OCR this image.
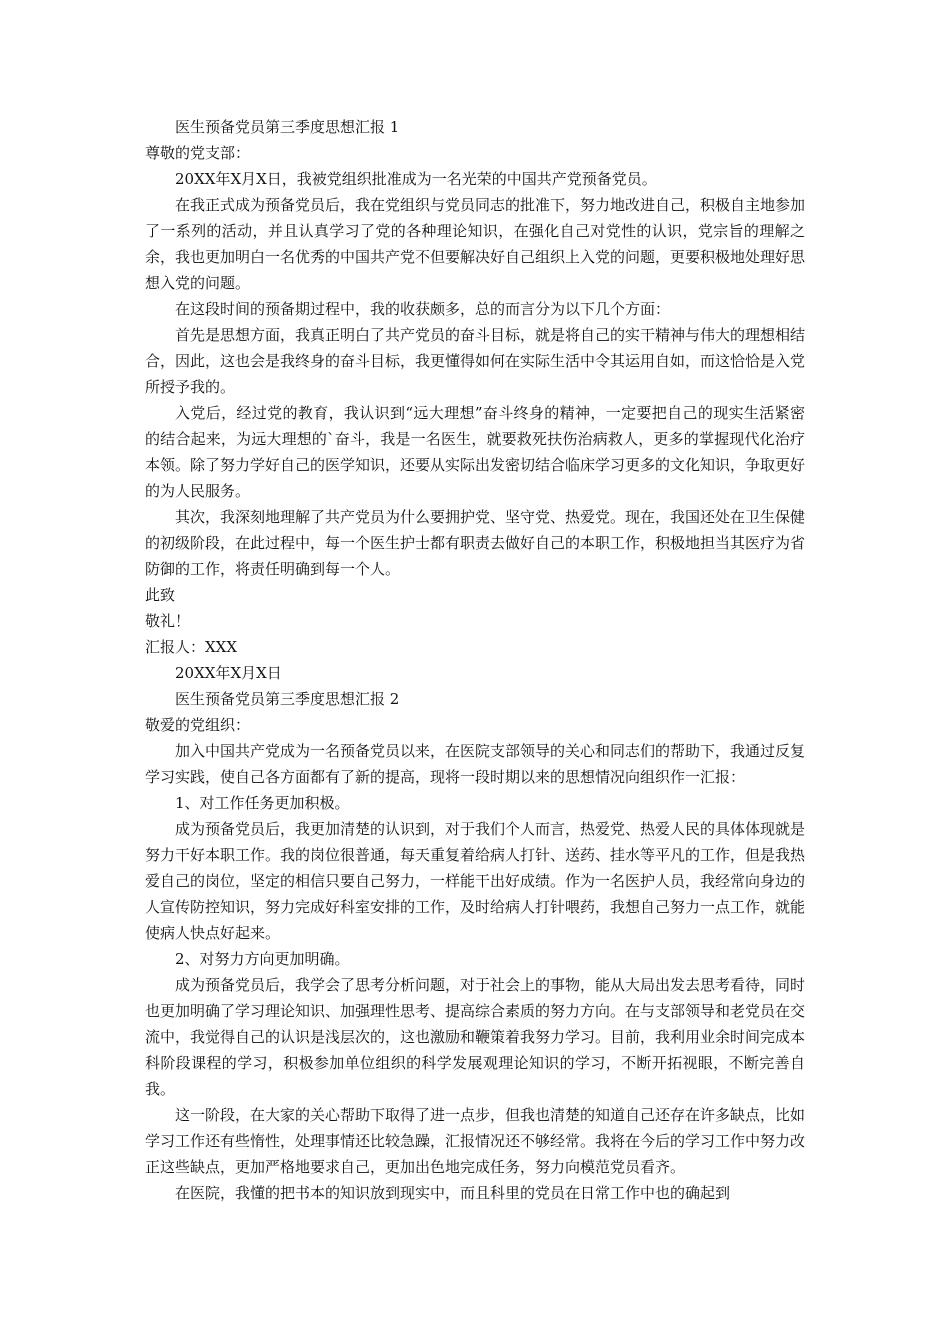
医生预备党员第三季度思想汇报 1

尊敬的党支部：

20XX年X月X日，我被党组织批准成为一名光荣的中国共产党预备党员。

在我正式成为预备党员后，我在党组织与党员同志的批准下，努力地改进自己，积极自主地参加了一系列的活动，并且认真学习了党的各种理论知识，在强化自己对党性的认识，党宗旨的理解之余，我也更加明白一名优秀的中国共产党不但要解决好自己组织上入党的问题，更要积极地处理好思想入党的问题。

在这段时间的预备期过程中，我的收获颇多，总的而言分为以下几个方面：

首先是思想方面，我真正明白了共产党员的奋斗目标，就是将自己的实干精神与伟大的理想相结合，因此，这也会是我终身的奋斗目标，我更懂得如何在实际生活中令其运用自如，而这恰恰是入党所授予我的。

入党后，经过党的教育，我认识到“远大理想”奋斗终身的精神，一定要把自己的现实生活紧密的结合起来，为远大理想的`奋斗，我是一名医生，就要救死扶伤治病救人，更多的掌握现代化治疗本领。除了努力学好自己的医学知识，还要从实际出发密切结合临床学习更多的文化知识，争取更好的为人民服务。

其次，我深刻地理解了共产党员为什么要拥护党、坚守党、热爱党。现在，我国还处在卫生保健的初级阶段，在此过程中，每一个医生护士都有职责去做好自己的本职工作，积极地担当其医疗为省防御的工作，将责任明确到每一个人。

此致

敬礼！

汇报人：XXX

20XX年X月X日

医生预备党员第三季度思想汇报 2

敬爱的党组织：

加入中国共产党成为一名预备党员以来，在医院支部领导的关心和同志们的帮助下，我通过反复学习实践，使自己各方面都有了新的提高，现将一段时期以来的思想情况向组织作一汇报：

1、对工作任务更加积极。

成为预备党员后，我更加清楚的认识到，对于我们个人而言，热爱党、热爱人民的具体体现就是努力干好本职工作。我的岗位很普通，每天重复着给病人打针、送药、挂水等平凡的工作，但是我热爱自己的岗位，坚定的相信只要自己努力，一样能干出好成绩。作为一名医护人员，我经常向身边的人宣传防控知识，努力完成好科室安排的工作，及时给病人打针喂药，我想自己努力一点工作，就能使病人快点好起来。

2、对努力方向更加明确。

成为预备党员后，我学会了思考分析问题，对于社会上的事物，能从大局出发去思考看待，同时也更加明确了学习理论知识、加强理性思考、提高综合素质的努力方向。在与支部领导和老党员在交流中，我觉得自己的认识是浅层次的，这也激励和鞭策着我努力学习。目前，我利用业余时间完成本科阶段课程的学习，积极参加单位组织的科学发展观理论知识的学习，不断开拓视眼，不断完善自我。

这一阶段，在大家的关心帮助下取得了进一点步，但我也清楚的知道自己还存在许多缺点，比如学习工作还有些惰性，处理事情还比较急躁，汇报情况还不够经常。我将在今后的学习工作中努力改正这些缺点，更加严格地要求自己，更加出色地完成任务，努力向模范党员看齐。

在医院，我懂的把书本的知识放到现实中，而且科里的党员在日常工作中也的确起到
